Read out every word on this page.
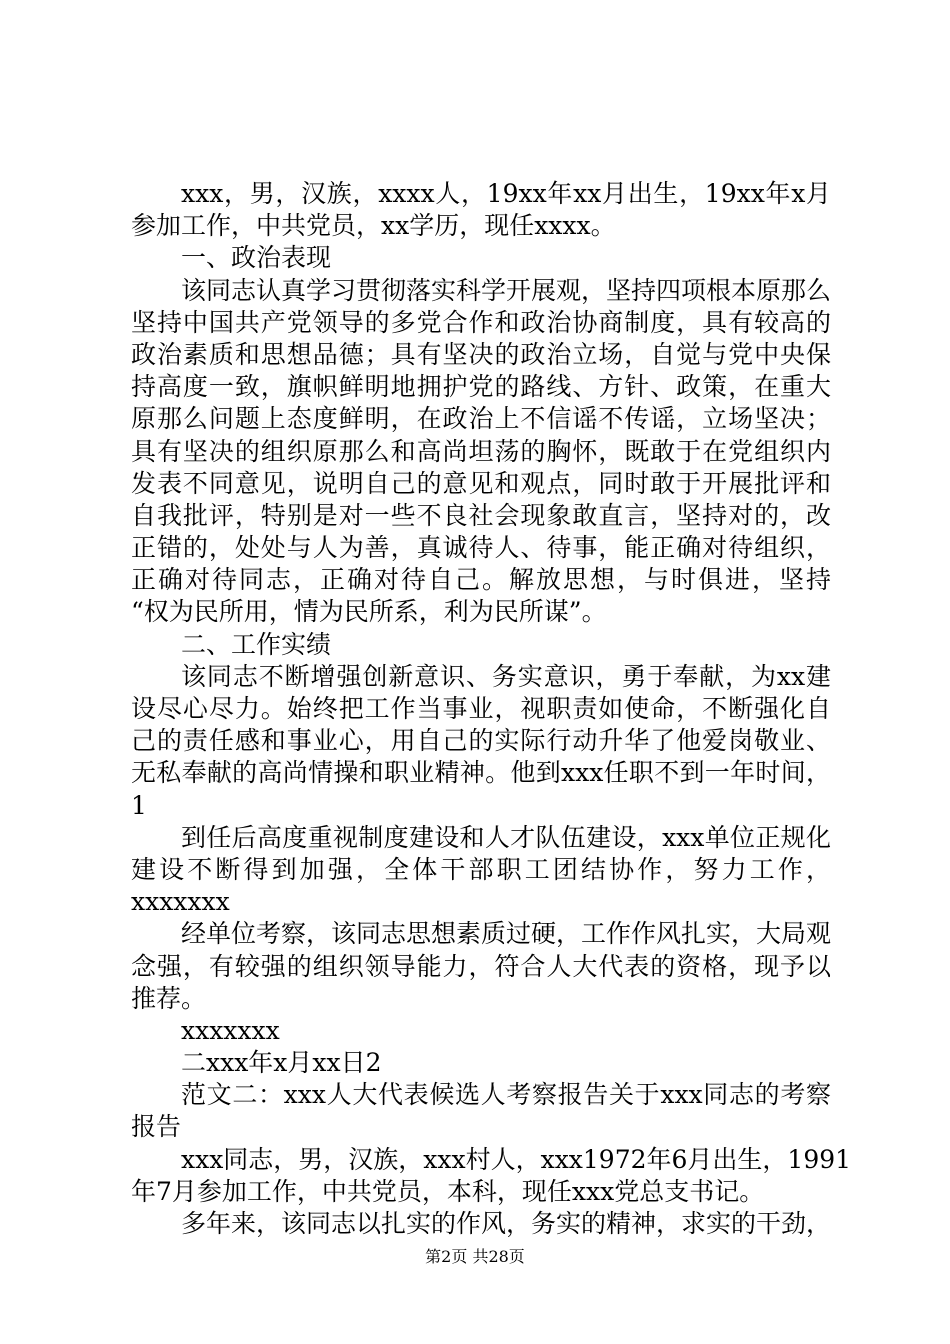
xxx，男，汉族，xxxx人，19xx年xx月出生，19xx年x月
参加工作，中共党员，xx学历，现任xxxx。
一、政治表现
该同志认真学习贯彻落实科学开展观，坚持四项根本原那么
坚持中国共产党领导的多党合作和政治协商制度，具有较高的
政治素质和思想品德；具有坚决的政治立场，自觉与党中央保
持高度一致，旗帜鲜明地拥护党的路线、方针、政策，在重大
原那么问题上态度鲜明，在政治上不信谣不传谣，立场坚决；
具有坚决的组织原那么和高尚坦荡的胸怀，既敢于在党组织内
发表不同意见，说明自己的意见和观点，同时敢于开展批评和
自我批评，特别是对一些不良社会现象敢直言，坚持对的，改
正错的，处处与人为善，真诚待人、待事，能正确对待组织，
正确对待同志，正确对待自己。解放思想，与时俱进，坚持
“权为民所用，情为民所系，利为民所谋”。
二、工作实绩
该同志不断增强创新意识、务实意识，勇于奉献，为xx建
设尽心尽力。始终把工作当事业，视职责如使命，不断强化自
己的责任感和事业心，用自己的实际行动升华了他爱岗敬业、
无私奉献的高尚情操和职业精神。他到xxx任职不到一年时间，
1
到任后高度重视制度建设和人才队伍建设，xxx单位正规化
建设不断得到加强，全体干部职工团结协作，努力工作，
xxxxxxx
经单位考察，该同志思想素质过硬，工作作风扎实，大局观
念强，有较强的组织领导能力，符合人大代表的资格，现予以
推荐。
xxxxxxx
二xxx年x月xx日2
范文二：xxx人大代表候选人考察报告关于xxx同志的考察
报告
xxx同志，男，汉族，xxx村人，xxx1972年6月出生，1991
年7月参加工作，中共党员，本科，现任xxx党总支书记。
多年来，该同志以扎实的作风，务实的精神，求实的干劲，
第2页 共28页
